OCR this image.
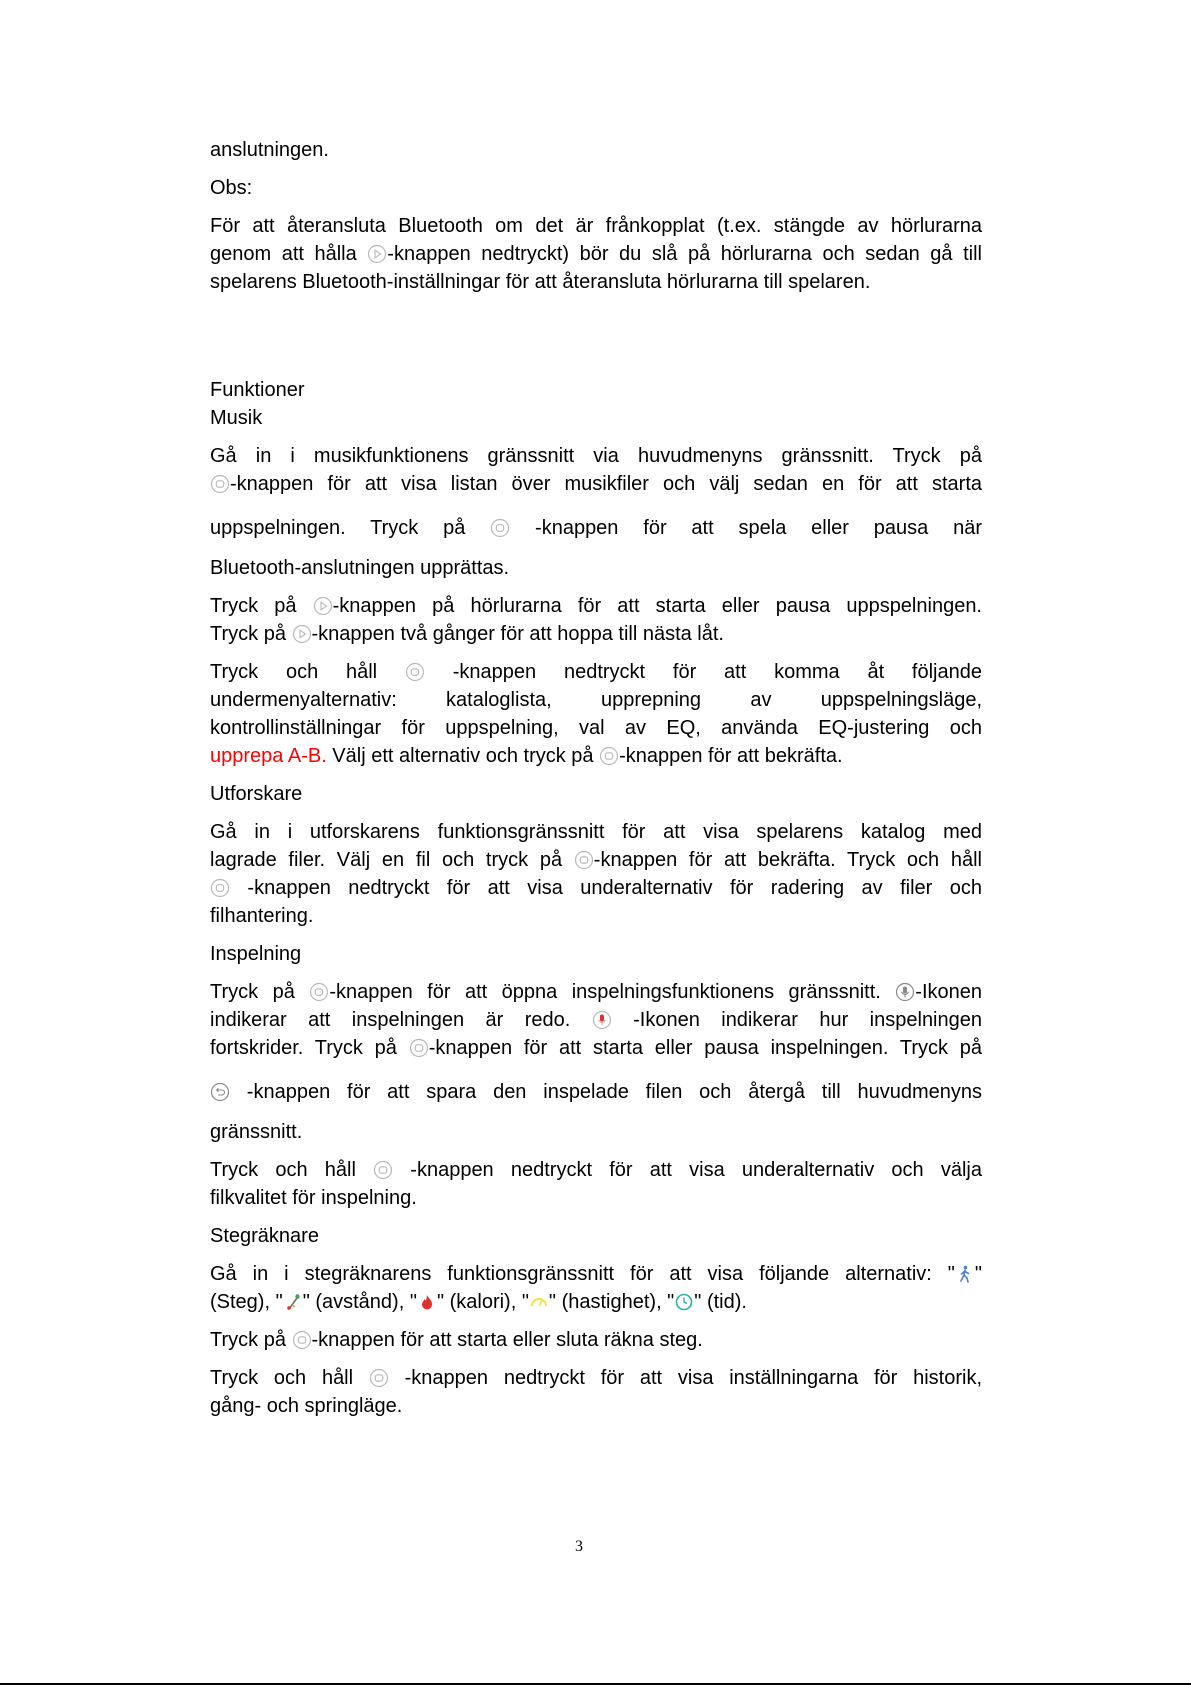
anslutningen.
Obs:
För att återansluta Bluetooth om det är frånkopplat (t.ex. stängde av hörlurarna
genom att hålla
-knappen nedtryckt) bör du slå på hörlurarna och sedan gå till
spelarens Bluetooth-inställningar för att återansluta hörlurarna till spelaren.
Funktioner
Musik
Gå in i musikfunktionens gränssnitt via huvudmenyns gränssnitt. Tryck på
-knappen för att visa listan över musikfiler och välj sedan en för att starta
uppspelningen. Tryck på
-knappen för att spela eller pausa när
Bluetooth-anslutningen upprättas.
Tryck på
-knappen på hörlurarna för att starta eller pausa uppspelningen.
Tryck på
-knappen två gånger för att hoppa till nästa låt.
Tryck och håll
-knappen nedtryckt för att komma åt följande
undermenyalternativ: kataloglista, upprepning av uppspelningsläge,
kontrollinställningar för uppspelning, val av EQ, använda EQ-justering och
upprepa A-B. Välj ett alternativ och tryck på
-knappen för att bekräfta.
Utforskare
Gå in i utforskarens funktionsgränssnitt för att visa spelarens katalog med
lagrade filer. Välj en fil och tryck på
-knappen för att bekräfta. Tryck och håll
-knappen nedtryckt för att visa underalternativ för radering av filer och
filhantering.
Inspelning
Tryck på
-knappen för att öppna inspelningsfunktionens gränssnitt.
-Ikonen
indikerar att inspelningen är redo.
-Ikonen indikerar hur inspelningen
fortskrider. Tryck på
-knappen för att starta eller pausa inspelningen. Tryck på
-knappen för att spara den inspelade filen och återgå till huvudmenyns
gränssnitt.
Tryck och håll
-knappen nedtryckt för att visa underalternativ och välja
filkvalitet för inspelning.
Stegräknare
Gå in i stegräknarens funktionsgränssnitt för att visa följande alternativ: " "
(Steg), " " (avstånd), " " (kalori), " " (hastighet), " " (tid).
Tryck på
-knappen för att starta eller sluta räkna steg.
Tryck och håll
-knappen nedtryckt för att visa inställningarna för historik,
gång- och springläge.
3
